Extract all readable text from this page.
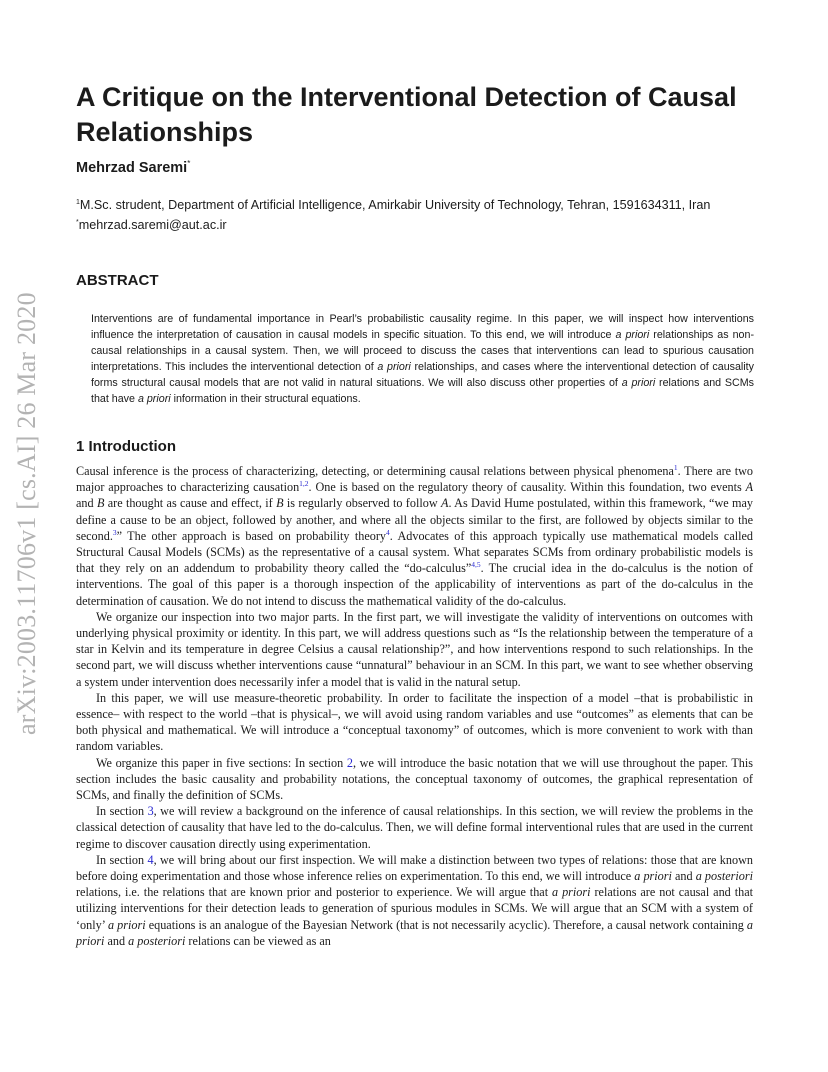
arXiv:2003.11706v1 [cs.AI] 26 Mar 2020
A Critique on the Interventional Detection of Causal Relationships
Mehrzad Saremi*
$^1$M.Sc. strudent, Department of Artificial Intelligence, Amirkabir University of Technology, Tehran, 1591634311, Iran
*mehrzad.saremi@aut.ac.ir
ABSTRACT

Interventions are of fundamental importance in Pearl’s probabilistic causality regime. In this paper, we will inspect how interventions influence the interpretation of causation in causal models in specific situation. To this end, we will introduce a priori relationships as non-causal relationships in a causal system. Then, we will proceed to discuss the cases that interventions can lead to spurious causation interpretations. This includes the interventional detection of a priori relationships, and cases where the interventional detection of causality forms structural causal models that are not valid in natural situations. We will also discuss other properties of a priori relations and SCMs that have a priori information in their structural equations.

1 Introduction

Causal inference is the process of characterizing, detecting, or determining causal relations between physical phenomena$^1$. There are two major approaches to characterizing causation$^{1,2}$. One is based on the regulatory theory of causality. Within this foundation, two events A and B are thought as cause and effect, if B is regularly observed to follow A. As David Hume postulated, within this framework, “we may define a cause to be an object, followed by another, and where all the objects similar to the first, are followed by objects similar to the second.$^3$” The other approach is based on probability theory$^4$. Advocates of this approach typically use mathematical models called Structural Causal Models (SCMs) as the representative of a causal system. What separates SCMs from ordinary probabilistic models is that they rely on an addendum to probability theory called the “do-calculus”$^{4,5}$. The crucial idea in the do-calculus is the notion of interventions. The goal of this paper is a thorough inspection of the applicability of interventions as part of the do-calculus in the determination of causation. We do not intend to discuss the mathematical validity of the do-calculus.

We organize our inspection into two major parts. In the first part, we will investigate the validity of interventions on outcomes with underlying physical proximity or identity. In this part, we will address questions such as “Is the relationship between the temperature of a star in Kelvin and its temperature in degree Celsius a causal relationship?”, and how interventions respond to such relationships. In the second part, we will discuss whether interventions cause “unnatural” behaviour in an SCM. In this part, we want to see whether observing a system under intervention does necessarily infer a model that is valid in the natural setup.

In this paper, we will use measure-theoretic probability. In order to facilitate the inspection of a model –that is probabilistic in essence– with respect to the world –that is physical–, we will avoid using random variables and use “outcomes” as elements that can be both physical and mathematical. We will introduce a “conceptual taxonomy” of outcomes, which is more convenient to work with than random variables.

We organize this paper in five sections: In section 2, we will introduce the basic notation that we will use throughout the paper. This section includes the basic causality and probability notations, the conceptual taxonomy of outcomes, the graphical representation of SCMs, and finally the definition of SCMs.

In section 3, we will review a background on the inference of causal relationships. In this section, we will review the problems in the classical detection of causality that have led to the do-calculus. Then, we will define formal interventional rules that are used in the current regime to discover causation directly using experimentation.

In section 4, we will bring about our first inspection. We will make a distinction between two types of relations: those that are known before doing experimentation and those whose inference relies on experimentation. To this end, we will introduce a priori and a posteriori relations, i.e. the relations that are known prior and posterior to experience. We will argue that a priori relations are not causal and that utilizing interventions for their detection leads to generation of spurious modules in SCMs. We will argue that an SCM with a system of ‘only’ a priori equations is an analogue of the Bayesian Network (that is not necessarily acyclic). Therefore, a causal network containing a priori and a posteriori relations can be viewed as an
